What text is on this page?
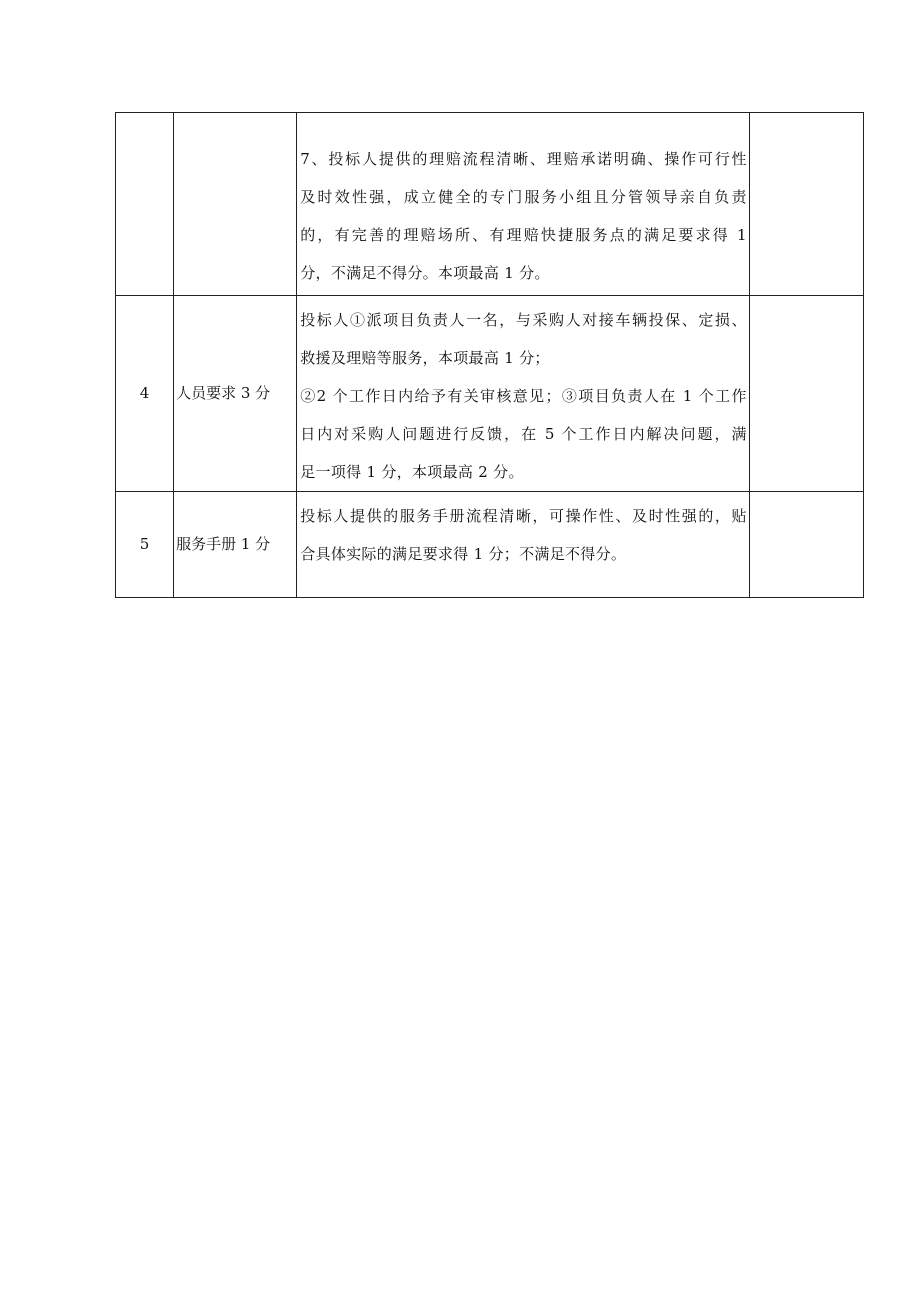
		7、投标人提供的理赔流程清晰、理赔承诺明确、操作可行性
及时效性强，成立健全的专门服务小组且分管领导亲自负责
的，有完善的理赔场所、有理赔快捷服务点的满足要求得 1
分，不满足不得分。本项最高 1 分。	

4	人员要求 3 分	投标人①派项目负责人一名，与采购人对接车辆投保、定损、
救援及理赔等服务，本项最高 1 分；
②2 个工作日内给予有关审核意见；③项目负责人在 1 个工作
日内对采购人问题进行反馈，在 5 个工作日内解决问题，满
足一项得 1 分，本项最高 2 分。	

5	服务手册 1 分	投标人提供的服务手册流程清晰，可操作性、及时性强的，贴
合具体实际的满足要求得 1 分；不满足不得分。	
